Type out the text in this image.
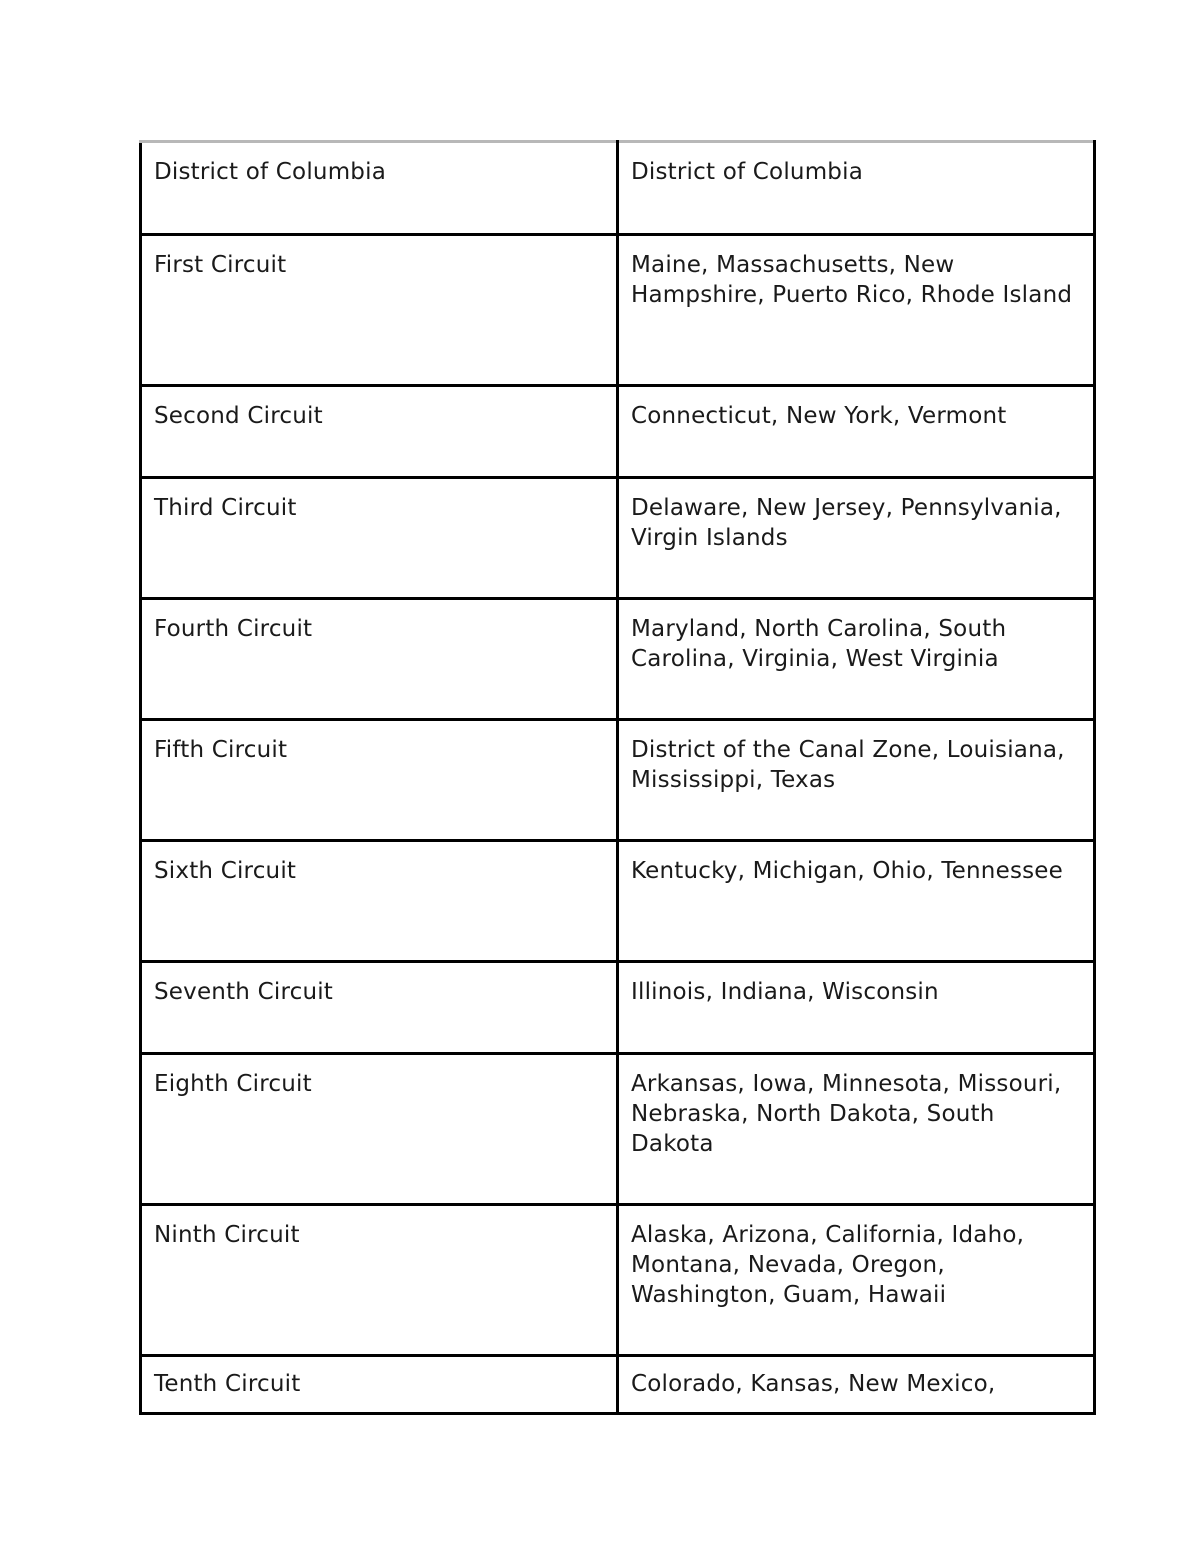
District of Columbia	District of Columbia
First Circuit	Maine, Massachusetts, New Hampshire, Puerto Rico, Rhode Island
Second Circuit	Connecticut, New York, Vermont
Third Circuit	Delaware, New Jersey, Pennsylvania, Virgin Islands
Fourth Circuit	Maryland, North Carolina, South Carolina, Virginia, West Virginia
Fifth Circuit	District of the Canal Zone, Louisiana, Mississippi, Texas
Sixth Circuit	Kentucky, Michigan, Ohio, Tennessee
Seventh Circuit	Illinois, Indiana, Wisconsin
Eighth Circuit	Arkansas, Iowa, Minnesota, Missouri, Nebraska, North Dakota, South Dakota
Ninth Circuit	Alaska, Arizona, California, Idaho, Montana, Nevada, Oregon, Washington, Guam, Hawaii
Tenth Circuit	Colorado, Kansas, New Mexico,
